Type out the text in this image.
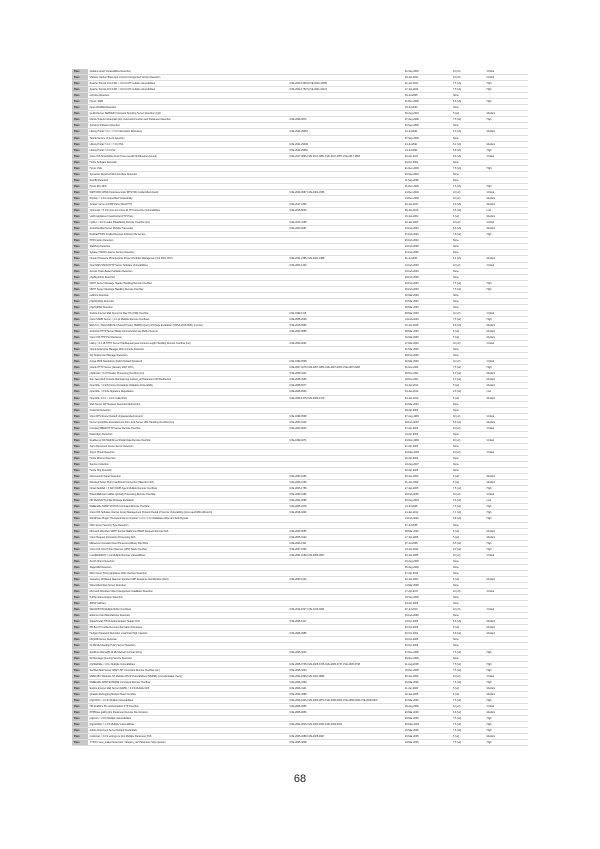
Pass	Grafana Grant Vulnerabilites Detection		01-Sep-2025	10 (v3)	Critical
Pass	VMware Carbon Black App Control Unsupported Version Detection		28-Jan-2021	10 (v3)	Critical
Pass	Apache Tomcat 10.0.0-M1 < 10.0.0-M7 multiple vulnerabilities	CVE-2020-13934,CVE-2020-13935	01-Jan-2021	7.5 (v3)	High
Pass	Apache Tomcat 10.0.0-M1 < 10.0.0-M7 multiple vulnerabilities	CVE-2020-17527,CVE-2021-24122	17-Jan-2021	7.5 (v3)	High
Pass	osTicket Detection		30-Jul-2005	None	
Pass	Hyvos .SMB		01-Dec-2006	6.5 (v3)	High
Pass	Open WebMail Detection		15-Jul-2004	None	
Pass	ipeDocServer SERVER Command Spoofing Server Detection (t)(d)		06-Aug-2004	5 (v2)	Medium
Pass	Mantis Tickets Incidentiellt php multi-build Function and Parameter Detection	CVE-2008-3872	07-Aug-2008	7.5 (v2)	High
Pass	Antivirus Software Detection		02-Sep-2009	None	
Pass	Liferay Portal 7.3.x < 7.3.6 Information Disclosure	CVE-2021-29053	14-Jul-2021	4.3 (v3)	Medium
Pass	Telerik Service UI Ancs.detection		07-Sep-2006	None	
Pass	Liferay Portal 7.3.4 < 7.3.6 XSS	CVE-2021-29048	14-Jul-2021	6.1 (v3)	Medium
Pass	Liferay Portal 7.3.4 CSV	CVE-2021-29052	14-Jul-2021	6.8 (v3)	High
Pass	Cisco IOS Smart/Wise Ford (Cisco-sa-20170418-telnet-ground)	CVE-2017-3866,CVE-2017-3881,CVE-2017-3857,CVE-2017-3863	20-Apr-2017	9.8 (v3)	Critical
Pass	Horde Software Detection		03-Oct-2004	None	
Pass	Hyvos CVE		01-Dec-2006	7.5 (v3)	High
Pass	Symantec Reported Web Interface Detection		03-Sep-2018	None	
Pass	RemBit Detection		11-Sep-2008	None	
Pass	Hyvos IPC-NFS		01-Dec-2006	7.5 (v3)	High
Pass	WMH DDC WIND Code Execution (BTS730) (unidentified check)	CVE-2004-0687,CVE-2004-1586	14-Dec-2004	10 (v2)	Critical
Pass	PhpGrp < 1.6.0 unspecified Vulnerability		13-Dec-2008	10 (v2)	Medium
Pass	Juniper Junos xml RIP DoS (JSA10777)	CVE-2017-2300	20-Jan-2017	5.9 (v3)	Medium
Pass	Openmail < 8.1.8 Linux-loc-cross-10 TP Connection Vulnerabilities	CVE-2015-8036	05-Jan-2016	3.5 (v2)	Low
Pass	Uwith Appliance Unauthorized FTP Proxy		15-Jan-2002	5 (v2)	Medium
Pass	ngirfLo < 3.6.2 Leaks (MassMeta) Remote Overflow (Lin)	CVE-2013-4158	23-Jan-2003	10 (v2)	Critical
Pass	ArduGVA Mail Server Multiple Traversals	CVE-2003-0287	10-Feb-2003	6.5 (v3)	Medium
Pass	RedstarPT/PG Crafted Request Arbitrary File Access		07-Feb-2003	7.8 (v2)	High
Pass	PHP-Fusion Detection		06-Feb-2004	None	
Pass	WebHelp Detection		19-Feb-2008	None	
Pass	Sybase TCP/IP Listener Service Detection		21-Feb-2008	None	
Pass	Oracle Primavera P6 Enterprise Project Portfolio Management (Jul 2021 CPU)	CVE-2021-2386,CVE-2021-2388	01-Jul-2021	6.4 (v3)	Medium
Pass	OpenVMS SHoD HTTP Server Software Vulnerabilities	CVE-2003-1430	14-Feb-2003	10 (v2)	Critical
Pass	Access Trace-Based Software Detection		23-Feb-2003	None	
Pass	php/MyAdmin Detection		25-Feb-2008	None	
Pass	NNTP Server Message Header Handling Remote Overflow		26-Feb-2003	7.5 (v2)	High
Pass	NNTP Server Message Handling Remote Overflow		26-Feb-2003	7.5 (v2)	High
Pass	peMicro Detection		02-Mar-2008	None	
Pass	php/WebSite Detection		03-Mar-2003	None	
Pass	php/UpPAD Detection		06-Mar-2003	None	
Pass	Sudora Internet Mail Server for Mac OS (ODR Overflow	CVE-1999-1115	08-Mar-2003	10 (v2)	Critical
Pass	Cisco SNMP Server < 2.2.11 Multiple Remote Overflows	CVE-2005-2028	14-Feb-2003	7.5 (v2)	High
Pass	EDS 5.0 < Build 2089724 (Saved Protect SNMPQ Query) Privilege Escalation (VMSA-2018-0001) (remote)	CVE-2018-6950	15-Jan-2018	8.8 (v3)	Medium
Pass	ArduGVA HTTP Server DELE Command Remote Buffer Overrun	CVE-2003-0858	08-Mar-2003	5 (v2)	Medium
Pass	Cisco IOS TPP Pro Disclosure		16-Mar-2005	5 (v2)	Medium
Pass	Lakky < 6.2.18 HTTP Server HttpRequest java Content-Length Handling Remote Overflow (Lin)	CVE-2003-0061	17-Mar-2003	10 (v2)	Critical
Pass	Oracle Enterprise Manager Web Console Detection		01-Mar-2005	None	
Pass	SQ Deployment Manager Detection		09-Feb-2009	None	
Pass	Avaya PDIII Standalone Switch Default Password	CVE-1999-0508	26-Mar-2003	10 (v2)	Critical
Pass	Oracle HTTP Server (January 2007 CPU)	CVE-2007-0279,CVE-2007-0286,CVE-2007-0281,CVE-2007-0283	31-Nov-2011	7.5 (v2)	High
Pass	phpEmail < 6.3.6 Header Processing Overflow (Lin)	CVE-2008-4444	05-Nov-2011	4.3 (v2)	Medium
Pass	Sun Java Web Console Mainlogin.jsp redirect_url Parameter URI Redirection	CVE-2008-4950	18-Nov-2011	4.3 (v2)	Medium
Pass	OpenSSL < 0.9.8j Cross-Constraints Validation Vulnerability	CVE-2008-5077	04-Jan-2012	5 (v2)	Medium
Pass	OpenSSL < 0.9.8e Signature Repudiation	CVE-2008-0563	04-Jan-2012	2.6 (v2)	Low
Pass	OpenSSL 1.0.0 < 1.0.0 Invalid DoS	CVE-2009-1378,CVE-2009-1379	04-Jan-2012	5 (v2)	Medium
Pass	Web Server ldiT Request Detection Method (lin)		02-Mar-2003	None	
Pass	CoaxCart Detection		08-Apr-2003	None	
Pass	Cisco RTS Router Default Unpassworded Account	CVE-1999-0508	07-Aug-1999	10 (v2)	Critical
Pass	Nerve/ QoopWise Entertainment Peru Junk Server URL Handling Overflow (Lin)	CVE-2003-0146	08-Feb-2003	5.5 (v2)	Medium
Pass	Compaq WBEM HTTP Server Remote Overflow	CVE-2003-0633	07-Apr-2003	10 (v2)	Critical
Pass	DatemSpry Detection		10-Apr-2003	None	
Pass	RealServer DD Mathfirmed Partial Data Remote Overflow	CVE-1999-0271	04-Nov-1999	10 (v2)	Critical
Pass	Xarru Document Centre Server Detection		21-Apr-2003	None	
Pass	Allyon Xfresh Detection		02-May-2003	10 (v2)	Critical
Pass	Horde Mnemo Detection		26-Apr-2004	None	
Pass	Service Collection		19-Aug-2007	None	
Pass	Horde Hog Detection		30-Apr-2003	None	
Pass	DiscoverInfo Paper Detection	CVE-2003-0156	06-Jan-2003	5 (v2)	Medium
Pass	Wrecked Telnet Proxy Insufficient Connection (Macolino link)	CVE-2003-0166	01-Jan-1999	5 (v2)	Medium
Pass	Novell NetMail < 3.522 XXMP Agent Multiple Remote Overflows	CVE-2005-1758	17-Jan-2005	7.5 (v2)	High
Pass	PikeshMailman-mailfile.cgi Daily Processing Remote Overflow	CVE-2003-0184	25-Feb-2005	10 (v2)	Critical
Pass	HD WebDAV Symlink Privilege Escalation	CVE-2004-0688	06-Aug-2004	3.6 (v2)	Low
Pass	MailEnable SMAP STATUS Command Remote Overflow	CVE-2005-2278	14-Jul-2005	7.5 (v2)	High
Pass	Cisco IOS Software Internet Group Management Protocol Denial of Service Vulnerability (cisco-sa-20180-128-ioctrl)	CVE-2018-0200	14-Jan-2012	7.1 (v2)	High
Pass	WordPress Plugin 'ThemeGrill Demo Importer' 1.3.4 < 1.6.3 Database Wipe and Auth Bypass		14-Feb-2020	9.8 (v3)	High
Pass	NNC Server Security Type Detection		07-Jul-2005	None	
Pass	Microsoft Windows SMTP Service Malformed BDAT Request Remote DoS	CVE-2002-0055	08-Mar-2002	5 (v2)	Medium
Pass	Cisco Request Impression Processing DoS	CVE-2005-0122	17-Jan-2005	5 (v2)	Medium
Pass	MRaemon Constant Fixed Timezout Arbitrary File Write	CVE-2004-1191	07-Jul-2005	6.5 (v2)	High
Pass	Cisco IOS Unix Printer Daemon (LPD) Stack Overflow	CVE-2007-0360	10-Jan-2012	9.3 (v2)	High
Pass	LocalWebWAN 7.1 & Multiple Remote Vulnerabilities	CVE-2001-0189,CVE-2005-0607	30-Jan-2005	10 (v2)	Critical
Pass	Zenith Xfunct Detection		16-Aug-2005	None	
Pass	SageCRM Detection		05-Aug-2009	None	
Pass	DNC Cloud Timing Appliance Web Interface Detection		27-Apr-2014	None	
Pass	Gameboy 3D Based Daemon Spoofed UDP Response Identification (DoS)	CVE-2003-1004	22-Jan-2003	5 (v2)	Medium
Pass	Wirecrafted Web Server Detection		14-Mar-2008	None	
Pass	Microsoft Windows Vista Unsupported Installation Detection		17-Apr-2017	10 (v3)	Critical
Pass	PyPhp Game Engine Detection		18-Sep-2009	None	
Pass	ZMNP calltracy		03-Apr-2006	None	
Pass	DELVA BTO5 Multiple Buffer Overflows	CVE-2019-1827,CVE-2019-3094	07-Jul-2019	10 (v3)	Critical
Pass	Ethernet Card Manufacturer Detection		23-Feb-2008	None	
Pass	Zapat/Cretail HTUA Authentication Header DoS	CVE-2005-1917	10-Oct-2005	6.5 (v3)	Medium
Pass	PD-Box IP Cookie Remote Information Disclosure		02-Oct-2009	6 (v2)	Medium
Pass	Hedgun Password Reminder email Field SQL Injection	CVE-2005-3985	30-Oct-2001	6.8 (v2)	Medium
Pass	NIQLDB Server Detection		23-Oct-2005	None	
Pass	CLDS Membership Policy Server Detection		02-Oct-2009	None	
Pass	SpoRme MaxnaQ5 dll Mkt Refresh Format String	CVE-2005-4023	07-Nov-2005	7.5 (v2)	High
Pass	Dit Message Queuing Service Detection		09-Nov-2005	None	
Pass	phpWebSite < 0.9.x Multiple Vulnerabilities	CVE-2005-3735,CVE-2005-3736,CVE-2005-3737,CVE-2005-3738	11-Aug-2005	7.5 (v2)	High
Pass	SecWeb Mail Server IMAP LIST Command Remote Overflow (Lin)	CVE-2005-3233	15-Dec-2005	7.5 (v2)	High
Pass	MSMI 65C Windows NT Multiple DHCP Vulnerabilities (MS06B) (uncredentialed check)	CVE-2004-0399,CVE-2004-0899	05-Jan-2006	10 (v2)	Critical
Pass	MailEnable IMAP EXAMINE Command Remote Overflow	CVE-2006-4469	06-Mar-2006	7.5 (v2)	High
Pass	Eudora Internet Mail Server (EIMS) < 4.0.9 Multiple DoS	CVE-2009-4141	11-Jan-2006	5 (v2)	Medium
Pass	Qualisto Debugging Method Heart Overflow	CVE-2004-4689	22-Jan-2005	5 (v2)	Medium
Pass	phpCOIN < 1.2.3c Multiple Vulnerabilities	CVE-2006-0446,CVE-2006-0870,CVE-2006-0903,CVE-2006-0946,CVE-2006-0947	01-Mar-2006	7.5 (v2)	High
Pass	HD Realtime Pre-authentication FTP Overflow	CVE-2006-0955	09-Aug-2006	10 (v2)	Critical
Pass	PHPNuke gallthy.php Parameter Remote File Inclusion	CVE-2005-0853	20-Mar-2006	6.8 (v2)	Medium
Pass	pdpCom < 2.8.0 Multiple Vulnerabilities		03-Mar-2006	7.5 (v2)	High
Pass	DigicerWeb < 1.3.5 Multiple Vulnerabilities	CVE-2004-0519,CVE-2004-4530,CVE-2004-0021	05-May-2004	7.5 (v2)	High
Pass	Adobe Document Server Default Credentials		16-Mar-2006	7.5 (v2)	High
Pass	CubeCart < 3.0.9 settings.inc.php Multiple Parameter XSS	CVE-2005-4688,CVE-2005-4607	18-Mar-2005	5 (v2)	Medium
Pass	TYPO3 'view_maken Extension' 'category_uid' Parameter SQL Injection	CVE-2005-4808	19-Mar-2006	7.5 (v2)	High
68
